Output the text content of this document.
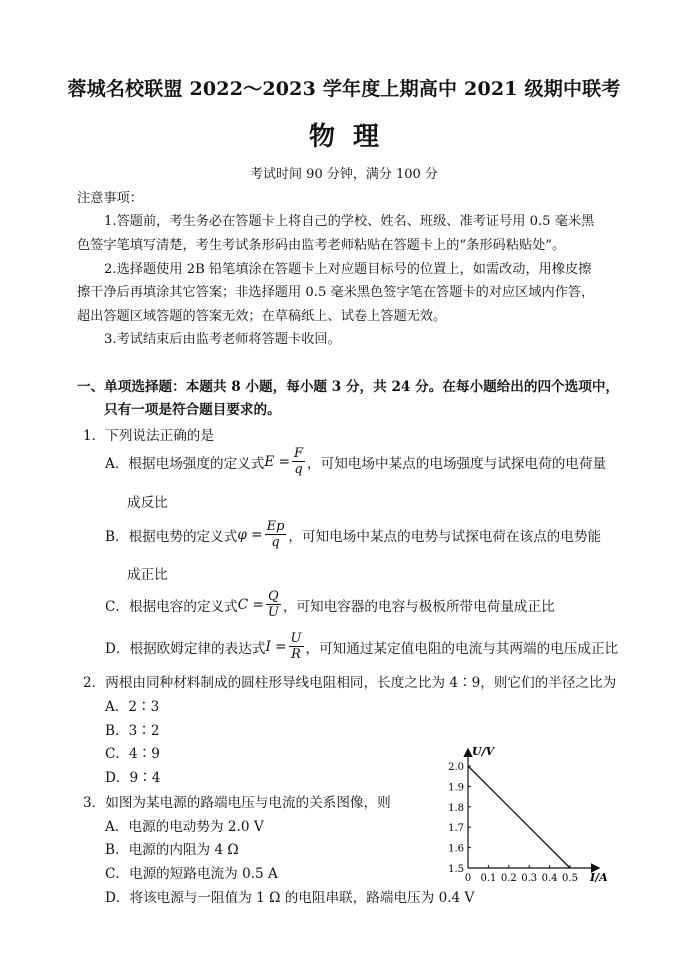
蓉城名校联盟 2022～2023 学年度上期高中 2021 级期中联考
物理
考试时间 90 分钟，满分 100 分
注意事项：
1.答题前，考生务必在答题卡上将自己的学校、姓名、班级、准考证号用 0.5 毫米黑
色签字笔填写清楚，考生考试条形码由监考老师粘贴在答题卡上的“条形码粘贴处”。
2.选择题使用 2B 铅笔填涂在答题卡上对应题目标号的位置上，如需改动，用橡皮擦
擦干净后再填涂其它答案；非选择题用 0.5 毫米黑色签字笔在答题卡的对应区域内作答，
超出答题区域答题的答案无效；在草稿纸上、试卷上答题无效。
3.考试结束后由监考老师将答题卡收回。
一、单项选择题：本题共 8 小题，每小题 3 分，共 24 分。在每小题给出的四个选项中，
只有一项是符合题目要求的。
1．下列说法正确的是
A．根据电场强度的定义式 $E = \frac{F}{q}$ ，可知电场中某点的电场强度与试探电荷的电荷量
成反比
B．根据电势的定义式 $\varphi = \frac{Ep}{q}$ ，可知电场中某点的电势与试探电荷在该点的电势能
成正比
C．根据电容的定义式 $C = \frac{Q}{U}$ ，可知电容器的电容与极板所带电荷量成正比
D．根据欧姆定律的表达式 $I = \frac{U}{R}$ ，可知通过某定值电阻的电流与其两端的电压成正比
2．两根由同种材料制成的圆柱形导线电阻相同，长度之比为 4∶9，则它们的半径之比为
A．2∶3
B．3∶2
C．4∶9
D．9∶4
3．如图为某电源的路端电压与电流的关系图像，则
A．电源的电动势为 2.0 V
B．电源的内阻为 4 Ω
C．电源的短路电流为 0.5 A
D．将该电源与一阻值为 1 Ω 的电阻串联，路端电压为 0.4 V
U/V
I/A
0 0.1 0.2 0.3 0.4 0.5
1.5
1.6
1.7
1.8
1.9
2.0
